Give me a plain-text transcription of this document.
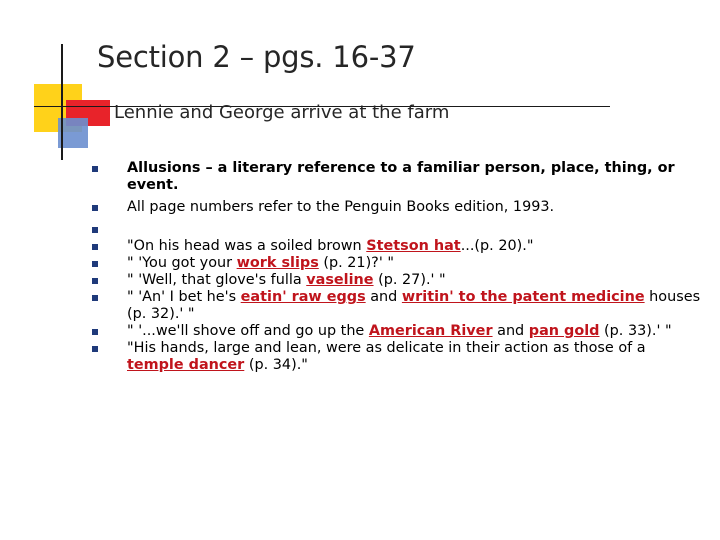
Section 2 – pgs. 16-37
Lennie and George arrive at the farm
Allusions – a literary reference to a familiar person, place, thing, or event.
All page numbers refer to the Penguin Books edition, 1993.
"On his head was a soiled brown Stetson hat...(p. 20)."
" 'You got your work slips (p. 21)?' "
" 'Well, that glove's fulla vaseline (p. 27).' "
" 'An' I bet he's eatin' raw eggs and writin' to the patent medicine houses (p. 32).' "
" '...we'll shove off and go up the American River and pan gold (p. 33).' "
"His hands, large and lean, were as delicate in their action as those of a temple dancer (p. 34)."
